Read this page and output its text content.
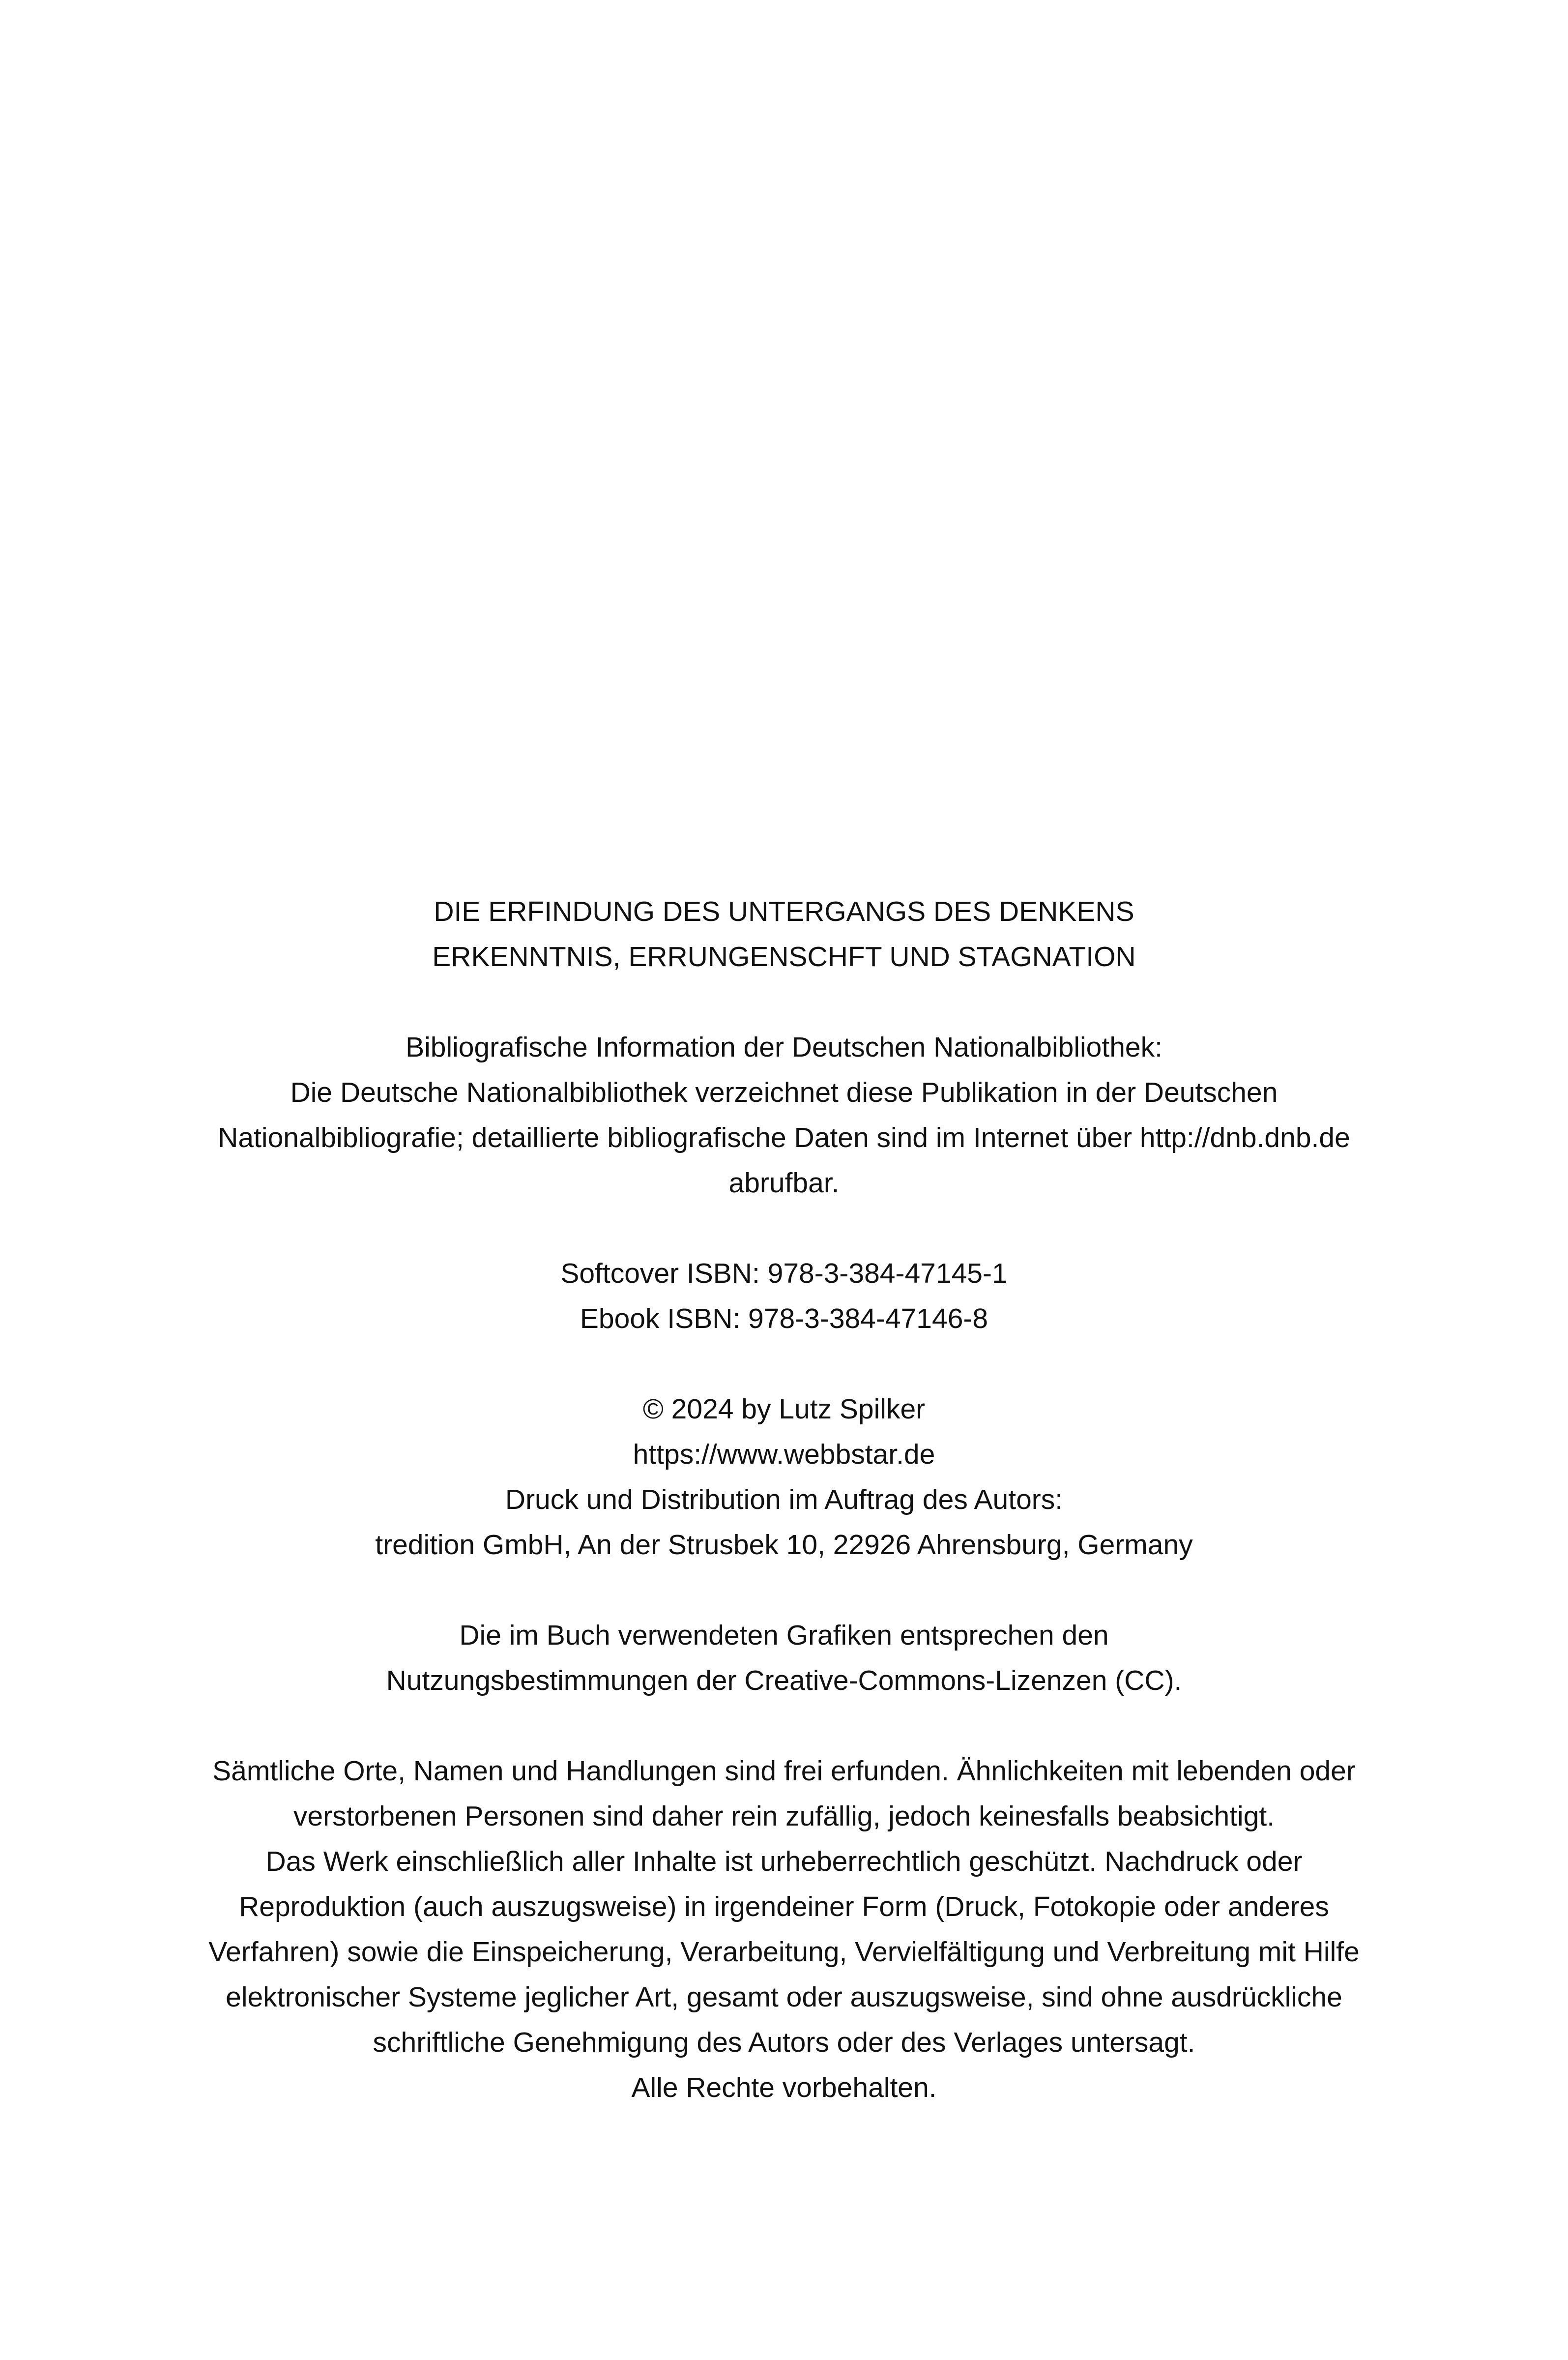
DIE ERFINDUNG DES UNTERGANGS DES DENKENS
ERKENNTNIS, ERRUNGENSCHFT UND STAGNATION
Bibliografische Information der Deutschen Nationalbibliothek:
Die Deutsche Nationalbibliothek verzeichnet diese Publikation in der Deutschen
Nationalbibliografie; detaillierte bibliografische Daten sind im Internet über http://dnb.dnb.de
abrufbar.
Softcover ISBN: 978-3-384-47145-1
Ebook ISBN: 978-3-384-47146-8
© 2024 by Lutz Spilker
https://www.webbstar.de
Druck und Distribution im Auftrag des Autors:
tredition GmbH, An der Strusbek 10, 22926 Ahrensburg, Germany
Die im Buch verwendeten Grafiken entsprechen den
Nutzungsbestimmungen der Creative-Commons-Lizenzen (CC).
Sämtliche Orte, Namen und Handlungen sind frei erfunden. Ähnlichkeiten mit lebenden oder
verstorbenen Personen sind daher rein zufällig, jedoch keinesfalls beabsichtigt.
Das Werk einschließlich aller Inhalte ist urheberrechtlich geschützt. Nachdruck oder
Reproduktion (auch auszugsweise) in irgendeiner Form (Druck, Fotokopie oder anderes
Verfahren) sowie die Einspeicherung, Verarbeitung, Vervielfältigung und Verbreitung mit Hilfe
elektronischer Systeme jeglicher Art, gesamt oder auszugsweise, sind ohne ausdrückliche
schriftliche Genehmigung des Autors oder des Verlages untersagt.
Alle Rechte vorbehalten.
